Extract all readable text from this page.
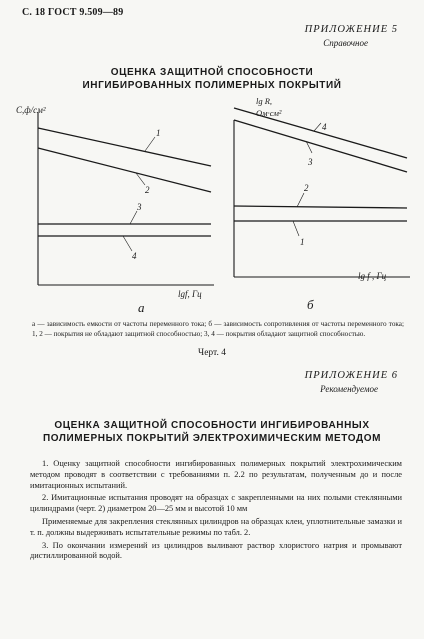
С. 18 ГОСТ 9.509—89
ПРИЛОЖЕНИЕ 5
Справочное
ОЦЕНКА ЗАЩИТНОЙ СПОСОБНОСТИ
ИНГИБИРОВАННЫХ ПОЛИМЕРНЫХ ПОКРЫТИЙ
C,ф/см²
lgf, Гц
1
2
3
4
а
lg R,
Ом·см²
lg f , Гц
4
3
2
1
б
а — зависимость емкости от частоты переменного тока; б — зависимость сопротивления от частоты переменного тока; 1, 2 — покрытия не обладают защитной способностью; 3, 4 — покрытия обладают защитной способностью.
Черт. 4
ПРИЛОЖЕНИЕ 6
Рекомендуемое
ОЦЕНКА ЗАЩИТНОЙ СПОСОБНОСТИ ИНГИБИРОВАННЫХ
ПОЛИМЕРНЫХ ПОКРЫТИЙ ЭЛЕКТРОХИМИЧЕСКИМ МЕТОДОМ

1. Оценку защитной способности ингибированных полимерных покрытий электрохимическим методом проводят в соответствии с требованиями п. 2.2 по результатам, полученным до и после имитационных испытаний.

2. Имитационные испытания проводят на образцах с закрепленными на них полыми стеклянными цилиндрами (черт. 2) диаметром 20—25 мм и высотой 10 мм

Применяемые для закрепления стеклянных цилиндров на образцах клеи, уплотнительные замазки и т. п. должны выдерживать испытательные режимы по табл. 2.

3. По окончании измерений из цилиндров выливают раствор хлористого натрия и промывают дистиллированной водой.
